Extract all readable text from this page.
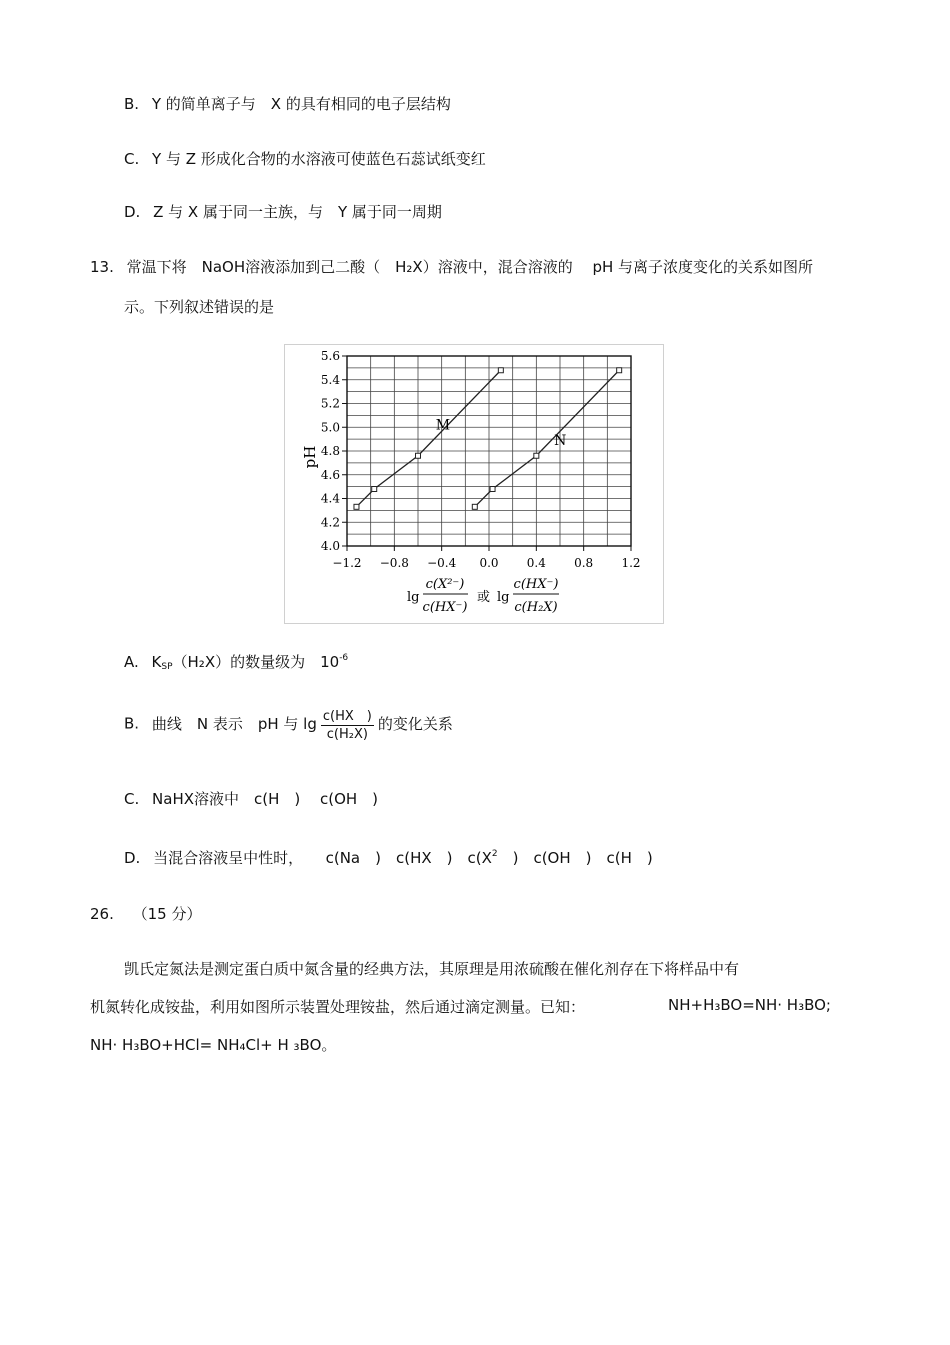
B. Y 的简单离子与　X 的具有相同的电子层结构
C. Y 与 Z 形成化合物的水溶液可使蓝色石蕊试纸变红
D. Z 与 X 属于同一主族，与　Y 属于同一周期
13. 常温下将　NaOH溶液添加到己二酸（　H₂X）溶液中，混合溶液的　 pH 与离子浓度变化的关系如图所
示。下列叙述错误的是
−1.2 −0.8 −0.4 0.0 0.4 0.8 1.2
4.0
4.2
4.4
4.6
4.8
5.0
5.2
5.4
5.6
M
N
pH
lg
c(X²⁻)
c(HX⁻)
或 lg
c(HX⁻)
c(H₂X)
A. $K_{SP}(H_2X)$的数量级为　$10^{-6}$
B. 曲线　N 表示　pH 与 $\lg \frac{c(HX )}{\text{c(H₂X)}}$ 的变化关系
C. NaHX溶液中　c(H　)　 c(OH　)
D. 当混合溶液呈中性时，　　c(Na　)　c(HX　)　$c(X^2$　)　c(OH　)　c(H　)
26. （15 分）
凯氏定氮法是测定蛋白质中氮含量的经典方法，其原理是用浓硫酸在催化剂存在下将样品中有
机氮转化成铵盐，利用如图所示装置处理铵盐，然后通过滴定测量。已知：	NH+H₃BO=NH· H₃BO;
NH· H₃BO+HCl= NH₄Cl+ H ₃BO。
